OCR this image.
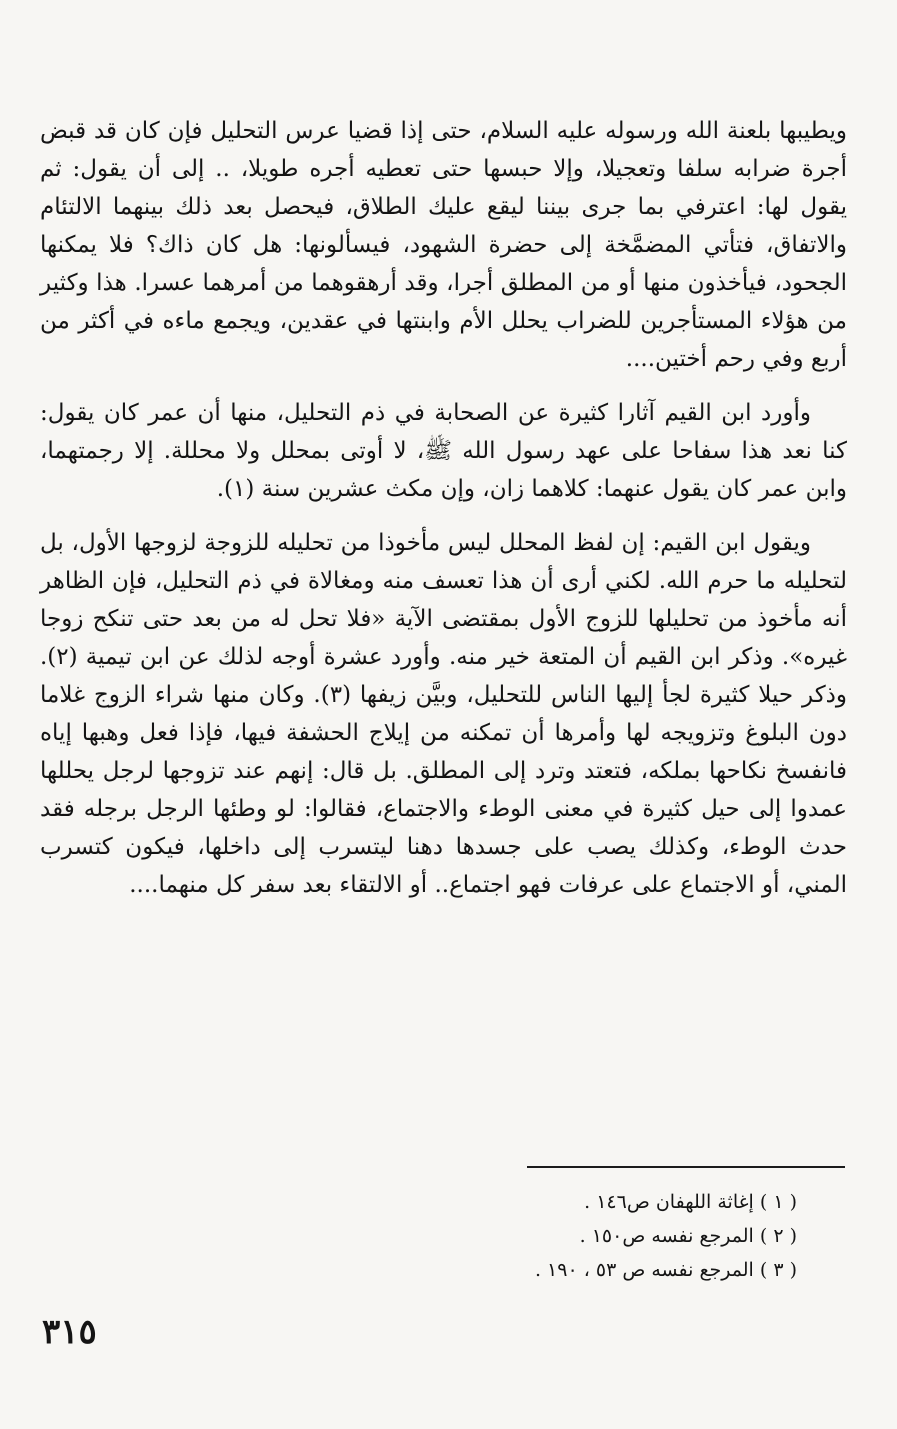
ويطيبها بلعنة الله ورسوله عليه السلام، حتى إذا قضيا عرس التحليل فإن كان قد قبض أجرة ضرابه سلفا وتعجيلا، وإلا حبسها حتى تعطيه أجره طويلا، .. إلى أن يقول: ثم يقول لها: اعترفي بما جرى بيننا ليقع عليك الطلاق، فيحصل بعد ذلك بينهما الالتئام والاتفاق، فتأتي المضمَّخة إلى حضرة الشهود، فيسألونها: هل كان ذاك؟ فلا يمكنها الجحود، فيأخذون منها أو من المطلق أجرا، وقد أرهقوهما من أمرهما عسرا. هذا وكثير من هؤلاء المستأجرين للضراب يحلل الأم وابنتها في عقدين، ويجمع ماءه في أكثر من أربع وفي رحم أختين....

وأورد ابن القيم آثارا كثيرة عن الصحابة في ذم التحليل، منها أن عمر كان يقول: كنا نعد هذا سفاحا على عهد رسول الله ﷺ، لا أوتى بمحلل ولا محللة. إلا رجمتهما، وابن عمر كان يقول عنهما: كلاهما زان، وإن مكث عشرين سنة (١).

ويقول ابن القيم: إن لفظ المحلل ليس مأخوذا من تحليله للزوجة لزوجها الأول، بل لتحليله ما حرم الله. لكني أرى أن هذا تعسف منه ومغالاة في ذم التحليل، فإن الظاهر أنه مأخوذ من تحليلها للزوج الأول بمقتضى الآية «فلا تحل له من بعد حتى تنكح زوجا غيره». وذكر ابن القيم أن المتعة خير منه. وأورد عشرة أوجه لذلك عن ابن تيمية (٢). وذكر حيلا كثيرة لجأ إليها الناس للتحليل، وبيَّن زيفها (٣). وكان منها شراء الزوج غلاما دون البلوغ وتزويجه لها وأمرها أن تمكنه من إيلاج الحشفة فيها، فإذا فعل وهبها إياه فانفسخ نكاحها بملكه، فتعتد وترد إلى المطلق. بل قال: إنهم عند تزوجها لرجل يحللها عمدوا إلى حيل كثيرة في معنى الوطء والاجتماع، فقالوا: لو وطئها الرجل برجله فقد حدث الوطء، وكذلك يصب على جسدها دهنا ليتسرب إلى داخلها، فيكون كتسرب المني، أو الاجتماع على عرفات فهو اجتماع.. أو الالتقاء بعد سفر كل منهما....

( ١ ) إغاثة اللهفان ص١٤٦ .

( ٢ ) المرجع نفسه ص١٥٠ .

( ٣ ) المرجع نفسه ص ٥٣ ، ١٩٠ .

٣١٥
